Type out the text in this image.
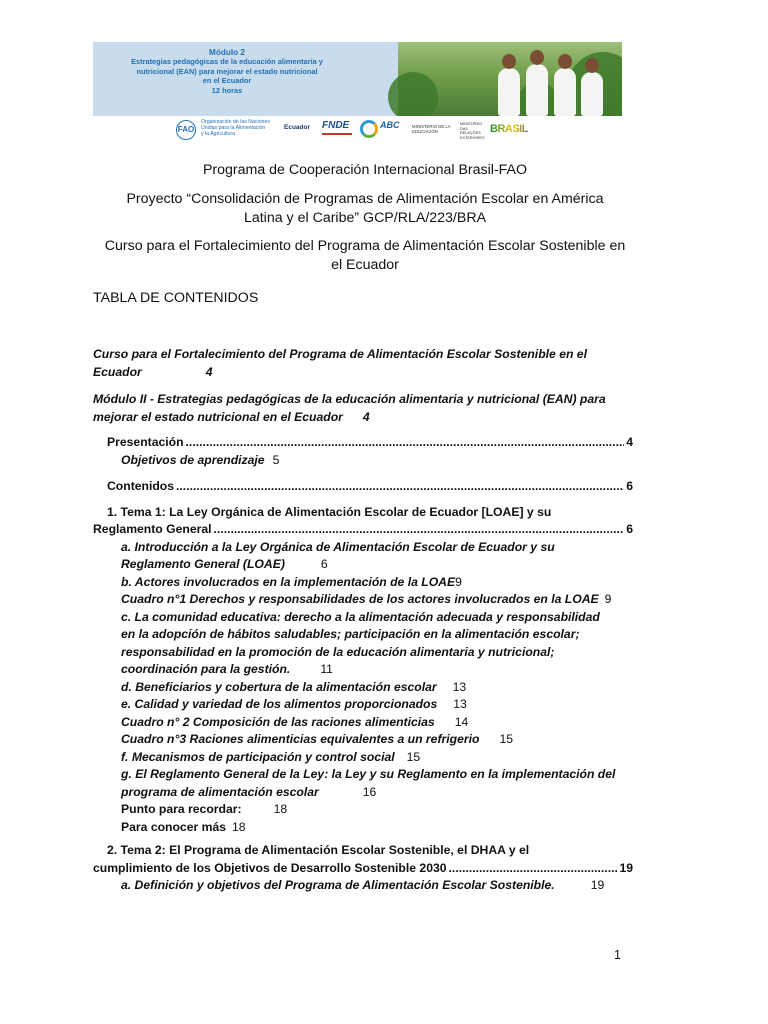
Módulo 2
Estrategias pedagógicas de la educación alimentaria y
nutricional (EAN) para mejorar el estado nutricional
en el Ecuador
12 horas
FAO
Organización de las Naciones
Unidas para la Alimentación
y la Agricultura
Ecuador	FNDE	ABC	MINISTERIO DE LA EDUCACIÓN
MINISTÉRIO DAS RELAÇÕES EXTERIORES
BRASIL
Programa de Cooperación Internacional Brasil-FAO
Proyecto “Consolidación de Programas de Alimentación Escolar en América
Latina y el Caribe” GCP/RLA/223/BRA
Curso para el Fortalecimiento del Programa de Alimentación Escolar Sostenible en
el Ecuador
TABLA DE CONTENIDOS
Curso para el Fortalecimiento del Programa de Alimentación Escolar Sostenible en el
Ecuador	4
Módulo II - Estrategias pedagógicas de la educación alimentaria y nutricional (EAN) para
mejorar el estado nutricional en el Ecuador 4
Presentación .....	4
Objetivos de aprendizaje 5
Contenidos .....	6
1. Tema 1: La Ley Orgánica de Alimentación Escolar de Ecuador [LOAE] y su
Reglamento General .....	6
a. Introducción a la Ley Orgánica de Alimentación Escolar de Ecuador y su
Reglamento General (LOAE)	6
b. Actores involucrados en la implementación de la LOAE9
Cuadro n°1 Derechos y responsabilidades de los actores involucrados en la LOAE 9
c. La comunidad educativa: derecho a la alimentación adecuada y responsabilidad
en la adopción de hábitos saludables; participación en la alimentación escolar;
responsabilidad en la promoción de la educación alimentaria y nutricional;
coordinación para la gestión. 11
d. Beneficiarios y cobertura de la alimentación escolar 13
e. Calidad y variedad de los alimentos proporcionados 13
Cuadro n° 2 Composición de las raciones alimenticias 14
Cuadro n°3 Raciones alimenticias equivalentes a un refrigerio 15
f. Mecanismos de participación y control social 15
g. El Reglamento General de la Ley: la Ley y su Reglamento en la implementación del
programa de alimentación escolar	16
Punto para recordar:	18
Para conocer más 18
2. Tema 2: El Programa de Alimentación Escolar Sostenible, el DHAA y el
cumplimiento de los Objetivos de Desarrollo Sostenible 2030 .....	19
a. Definición y objetivos del Programa de Alimentación Escolar Sostenible.	19
1
